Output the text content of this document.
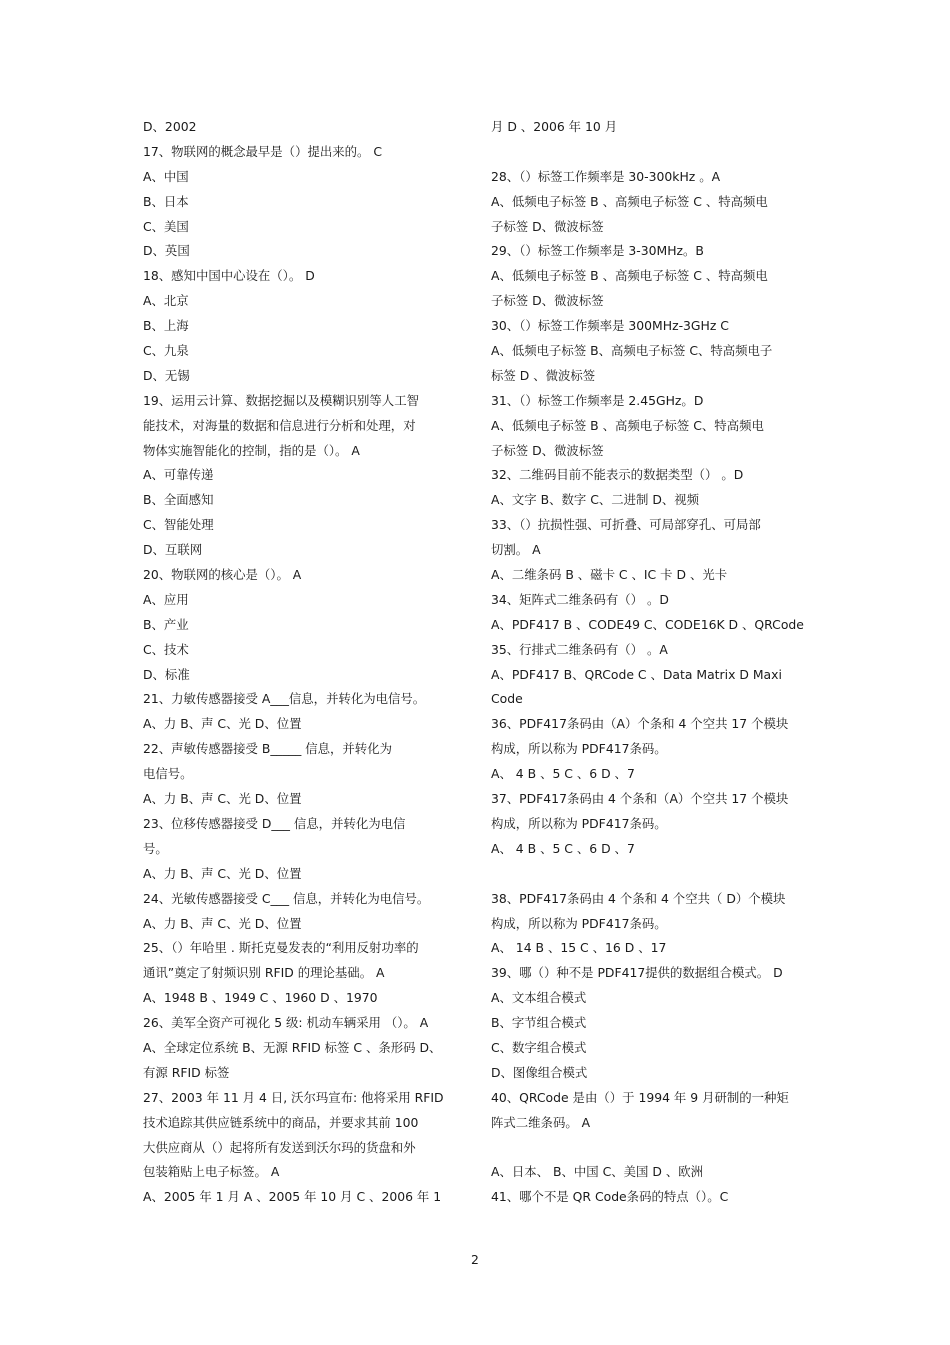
D、2002
17、物联网的概念最早是（）提出来的。 C
A、中国
B、日本
C、美国
D、英国
18、感知中国中心设在（）。 D
A、北京
B、上海
C、九泉
D、无锡
19、运用云计算、数据挖掘以及模糊识别等人工智
能技术，对海量的数据和信息进行分析和处理，对
物体实施智能化的控制，指的是（）。 A
A、可靠传递
B、全面感知
C、智能处理
D、互联网
20、物联网的核心是（）。 A
A、应用
B、产业
C、技术
D、标准
21、力敏传感器接受 A___信息，并转化为电信号。
A、力 B、声 C、光 D、位置
22、声敏传感器接受 B_____ 信息，并转化为
电信号。
A、力 B、声 C、光 D、位置
23、位移传感器接受 D___ 信息，并转化为电信
号。
A、力 B、声 C、光 D、位置
24、光敏传感器接受 C___ 信息，并转化为电信号。
A、力 B、声 C、光 D、位置
25、（）年哈里 . 斯托克曼发表的“利用反射功率的
通讯”奠定了射频识别 RFID 的理论基础。 A
A、1948 B 、1949 C 、1960 D 、1970
26、美军全资产可视化 5 级: 机动车辆采用 （）。 A
A、全球定位系统 B、无源 RFID 标签 C 、条形码 D、
有源 RFID 标签
27、2003 年 11 月 4 日, 沃尔玛宣布: 他将采用 RFID
技术追踪其供应链系统中的商品，并要求其前 100
大供应商从（）起将所有发送到沃尔玛的货盘和外
包装箱贴上电子标签。 A
A、2005 年 1 月 A 、2005 年 10 月 C 、2006 年 1
月 D 、2006 年 10 月
28、（）标签工作频率是 30-300kHz 。A
A、低频电子标签 B 、高频电子标签 C 、特高频电
子标签 D、微波标签
29、（）标签工作频率是 3-30MHz。B
A、低频电子标签 B 、高频电子标签 C 、特高频电
子标签 D、微波标签
30、（）标签工作频率是 300MHz-3GHz C
A、低频电子标签 B、高频电子标签 C、特高频电子
标签 D 、微波标签
31、（）标签工作频率是 2.45GHz。D
A、低频电子标签 B 、高频电子标签 C、特高频电
子标签 D、微波标签
32、二维码目前不能表示的数据类型（） 。D
A、文字 B、数字 C、二进制 D、视频
33、（）抗损性强、可折叠、可局部穿孔、可局部
切割。 A
A、二维条码 B 、磁卡 C 、IC 卡 D 、光卡
34、矩阵式二维条码有（） 。D
A、PDF417 B 、CODE49 C、CODE16K D 、QRCode
35、行排式二维条码有（） 。A
A、PDF417 B、QRCode C 、Data Matrix D Maxi
Code
36、PDF417条码由（A）个条和 4 个空共 17 个模块
构成，所以称为 PDF417条码。
A、 4 B 、5 C 、6 D 、7
37、PDF417条码由 4 个条和（A）个空共 17 个模块
构成，所以称为 PDF417条码。
A、 4 B 、5 C 、6 D 、7
38、PDF417条码由 4 个条和 4 个空共（ D）个模块
构成，所以称为 PDF417条码。
A、 14 B 、15 C 、16 D 、17
39、哪（）种不是 PDF417提供的数据组合模式。 D
A、文本组合模式
B、字节组合模式
C、数字组合模式
D、图像组合模式
40、QRCode 是由（）于 1994 年 9 月研制的一种矩
阵式二维条码。 A
A、日本、 B、中国 C、美国 D 、欧洲
41、哪个不是 QR Code条码的特点（）。C
2
